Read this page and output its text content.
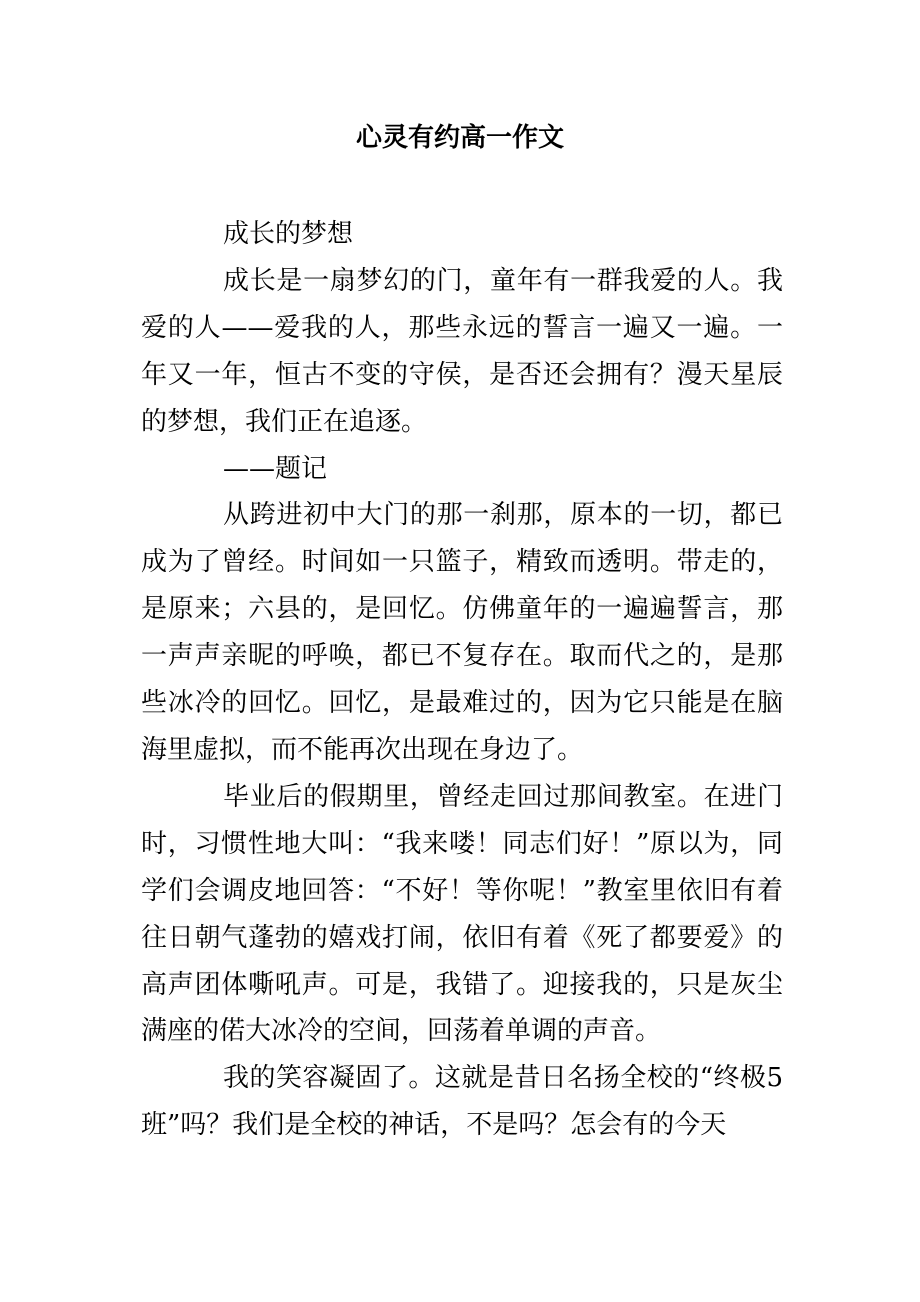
心灵有约高一作文

成长的梦想

成长是一扇梦幻的门，童年有一群我爱的人。我爱的人——爱我的人，那些永远的誓言一遍又一遍。一年又一年，恒古不变的守侯，是否还会拥有？漫天星辰的梦想，我们正在追逐。

——题记

从跨进初中大门的那一刹那，原本的一切，都已成为了曾经。时间如一只篮子，精致而透明。带走的，是原来；六县的，是回忆。仿佛童年的一遍遍誓言，那一声声亲昵的呼唤，都已不复存在。取而代之的，是那些冰冷的回忆。回忆，是最难过的，因为它只能是在脑海里虚拟，而不能再次出现在身边了。

毕业后的假期里，曾经走回过那间教室。在进门时，习惯性地大叫：“我来喽！同志们好！”原以为，同学们会调皮地回答：“不好！等你呢！”教室里依旧有着往日朝气蓬勃的嬉戏打闹，依旧有着《死了都要爱》的高声团体嘶吼声。可是，我错了。迎接我的，只是灰尘满座的偌大冰冷的空间，回荡着单调的声音。

我的笑容凝固了。这就是昔日名扬全校的“终极5班”吗？我们是全校的神话，不是吗？怎会有的今天
